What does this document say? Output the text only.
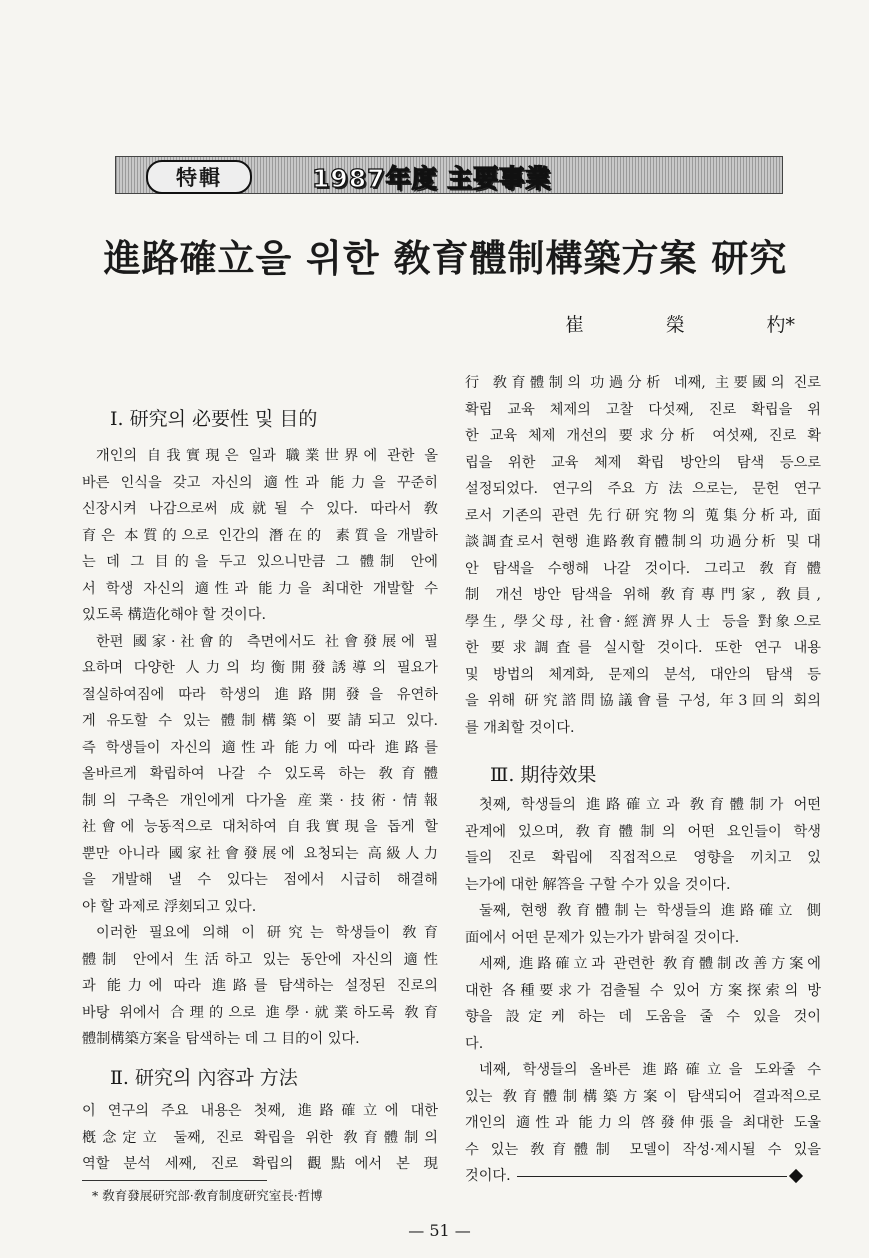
特輯	1987年度 主要事業
進路確立을 위한 敎育體制構築方案 研究
崔	榮	杓*
Ⅰ. 研究의 必要性 및 目的

개인의 自我實現은 일과 職業世界에 관한 올

바른 인식을 갖고 자신의 適性과 能力을 꾸준히

신장시켜 나감으로써 成就될 수 있다. 따라서 敎

育은 本質的으로 인간의 潛在的 素質을 개발하

는 데 그 目的을 두고 있으니만큼 그 體制 안에

서 학생 자신의 適性과 能力을 최대한 개발할 수

있도록 構造化해야 할 것이다.

한편 國家·社會的 측면에서도 社會發展에 필

요하며 다양한 人力의 均衡開發誘導의 필요가

절실하여짐에 따라 학생의 進路開發을 유연하

게 유도할 수 있는 體制構築이 要請되고 있다.

즉 학생들이 자신의 適性과 能力에 따라 進路를

올바르게 확립하여 나갈 수 있도록 하는 敎育體

制의 구축은 개인에게 다가올 産業·技術·情報

社會에 능동적으로 대처하여 自我實現을 돕게 할

뿐만 아니라 國家社會發展에 요청되는 高級人力

을 개발해 낼 수 있다는 점에서 시급히 해결해

야 할 과제로 浮刻되고 있다.

이러한 필요에 의해 이 研究는 학생들이 敎育

體制 안에서 生活하고 있는 동안에 자신의 適性

과 能力에 따라 進路를 탐색하는 설정된 진로의

바탕 위에서 合理的으로 進學·就業하도록 敎育

體制構築方案을 탐색하는 데 그 目的이 있다.

Ⅱ. 研究의 內容과 方法

이 연구의 주요 내용은 첫째, 進路確立에 대한

槪念定立 둘째, 진로 확립을 위한 敎育體制의

역할 분석 세째, 진로 확립의 觀點에서 본 現

行 敎育體制의 功過分析 네째, 主要國의 진로

확립 교육 체제의 고찰 다섯째, 진로 확립을 위

한 교육 체제 개선의 要求分析 여섯째, 진로 확

립을 위한 교육 체제 확립 방안의 탐색 등으로

설정되었다. 연구의 주요方法으로는, 문헌 연구

로서 기존의 관련 先行研究物의 蒐集分析과, 面

談調査로서 현행 進路敎育體制의 功過分析 및 대

안 탐색을 수행해 나갈 것이다. 그리고 敎育體

制 개선 방안 탐색을 위해 敎育專門家, 敎員,

學生, 學父母, 社會·經濟界人士 등을 對象으로

한 要求調査를 실시할 것이다. 또한 연구 내용

및 방법의 체계화, 문제의 분석, 대안의 탐색 등

을 위해 研究諮問協議會를 구성, 年3回의 회의

를 개최할 것이다.

Ⅲ. 期待效果

첫째, 학생들의 進路確立과 敎育體制가 어떤

관계에 있으며, 敎育體制의 어떤 요인들이 학생

들의 진로 확립에 직접적으로 영향을 끼치고 있

는가에 대한 解答을 구할 수가 있을 것이다.

둘째, 현행 敎育體制는 학생들의 進路確立 側

面에서 어떤 문제가 있는가가 밝혀질 것이다.

세째, 進路確立과 관련한 敎育體制改善方案에

대한 各種要求가 검출될 수 있어 方案探索의 방

향을 設定케 하는 데 도움을 줄 수 있을 것이

다.

네째, 학생들의 올바른 進路確立을 도와줄 수

있는 敎育體制構築方案이 탐색되어 결과적으로

개인의 適性과 能力의 啓發伸張을 최대한 도울

수 있는 敎育體制 모델이 작성·제시될 수 있을

것이다.

* 敎育發展研究部·敎育制度研究室長·哲博
— 51 —
